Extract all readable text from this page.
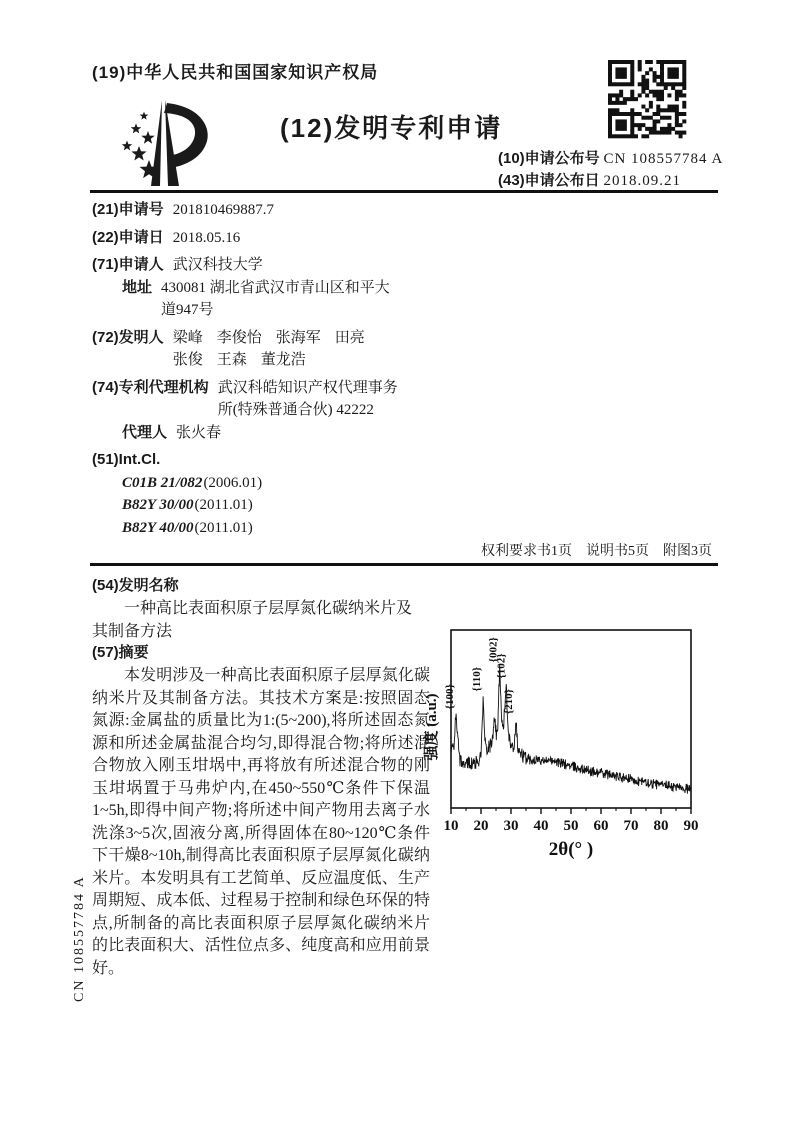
(19)中华人民共和国国家知识产权局
(12)发明专利申请
(10)申请公布号 CN 108557784 A
(43)申请公布日 2018.09.21
(21)申请号 201810469887.7
(22)申请日 2018.05.16
(71)申请人 武汉科技大学
地址 430081 湖北省武汉市青山区和平大道947号
(72)发明人 梁峰 李俊怡 张海军 田亮
张俊 王森 董龙浩
(74)专利代理机构 武汉科皓知识产权代理事务所(特殊普通合伙) 42222
代理人 张火春
(51)Int.Cl.
C01B 21/082 (2006.01)
B82Y 30/00 (2011.01)
B82Y 40/00 (2011.01)
权利要求书1页　说明书5页　附图3页
(54)发明名称
一种高比表面积原子层厚氮化碳纳米片及其制备方法
(57)摘要
本发明涉及一种高比表面积原子层厚氮化碳纳米片及其制备方法。其技术方案是:按照固态氮源:金属盐的质量比为1:(5~200),将所述固态氮源和所述金属盐混合均匀,即得混合物;将所述混合物放入刚玉坩埚中,再将放有所述混合物的刚玉坩埚置于马弗炉内,在450~550℃条件下保温1~5h,即得中间产物;将所述中间产物用去离子水洗涤3~5次,固液分离,所得固体在80~120℃条件下干燥8~10h,制得高比表面积原子层厚氮化碳纳米片。本发明具有工艺简单、反应温度低、生产周期短、成本低、过程易于控制和绿色环保的特点,所制备的高比表面积原子层厚氮化碳纳米片的比表面积大、活性位点多、纯度高和应用前景好。
10 20 30 40 50 60 70 80 90
2θ(° )
强度 (a.u.) {100}
{110}
{002}
{102}
{210}
CN 108557784 A
